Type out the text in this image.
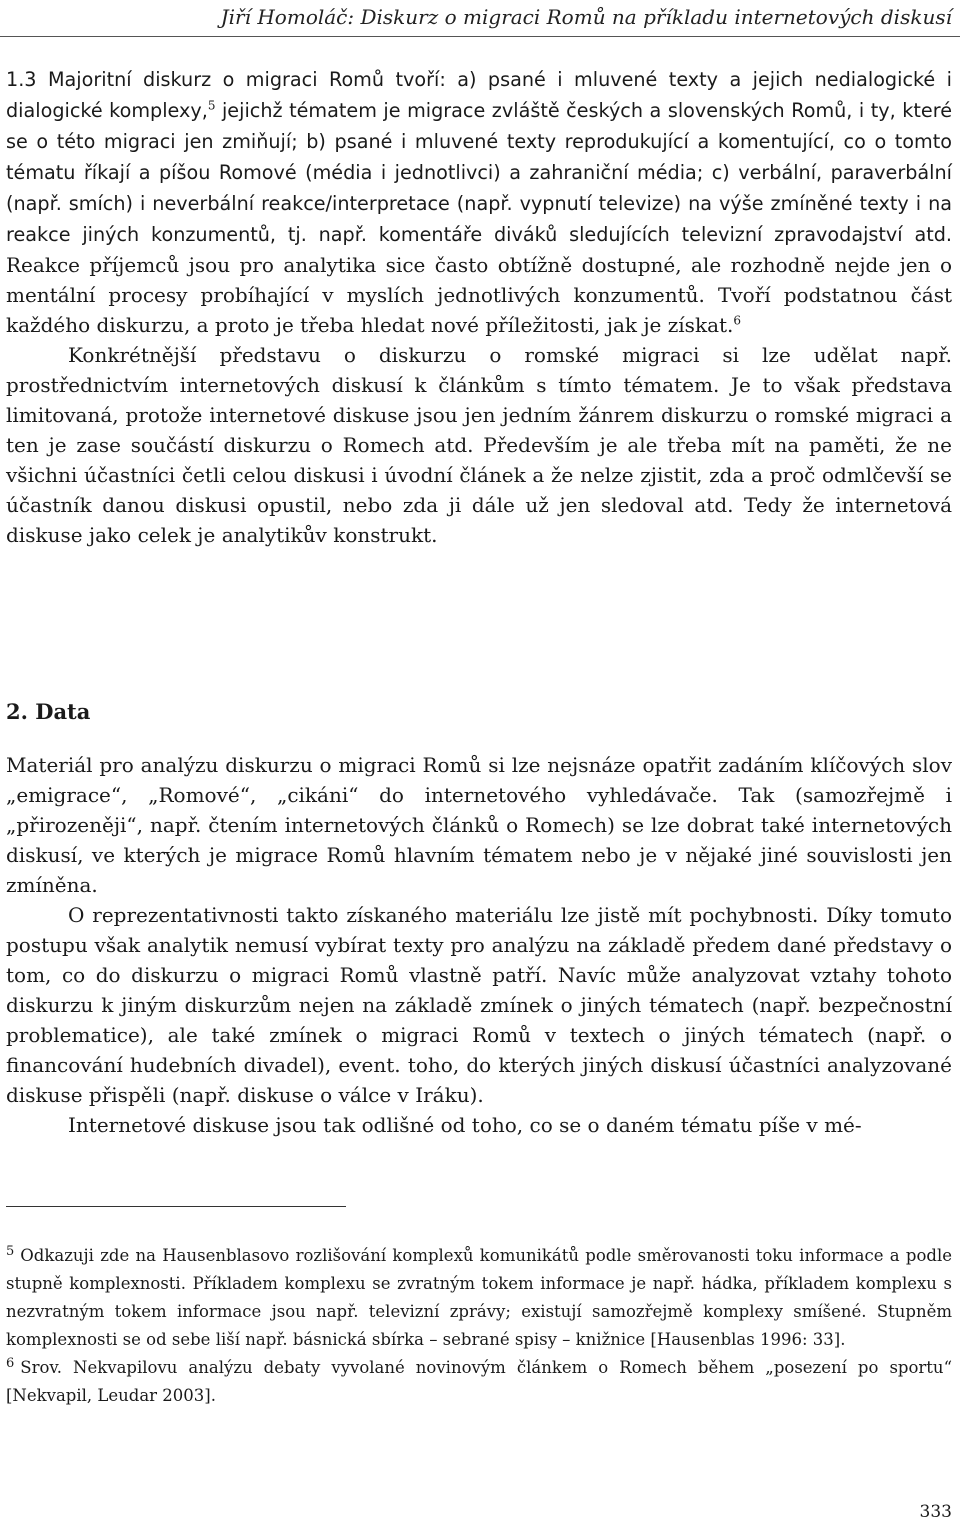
Jiří Homoláč: Diskurz o migraci Romů na příkladu internetových diskusí

1.3 Majoritní diskurz o migraci Romů tvoří: a) psané i mluvené texty a jejich nedialogické i dialogické komplexy,$^5$ jejichž tématem je migrace zvláště českých a slovenských Romů, i ty, které se o této migraci jen zmiňují; b) psané i mluvené texty reprodukující a komentující, co o tomto tématu říkají a píšou Romové (média i jednotlivci) a zahraniční média; c) verbální, paraverbální (např. smích) i neverbální reakce/interpretace (např. vypnutí televize) na výše zmíněné texty i na reakce jiných konzumentů, tj. např. komentáře diváků sledujících televizní zpravodajství atd. Reakce příjemců jsou pro analytika sice často obtížně dostupné, ale rozhodně nejde jen o mentální procesy probíhající v myslích jednotlivých konzumentů. Tvoří podstatnou část každého diskurzu, a proto je třeba hledat nové příležitosti, jak je získat.$^6$

Konkrétnější představu o diskurzu o romské migraci si lze udělat např. prostřednictvím internetových diskusí k článkům s tímto tématem. Je to však představa limitovaná, protože internetové diskuse jsou jen jedním žánrem diskurzu o romské migraci a ten je zase součástí diskurzu o Romech atd. Především je ale třeba mít na paměti, že ne všichni účastníci četli celou diskusi i úvodní článek a že nelze zjistit, zda a proč odmlčevší se účastník danou diskusi opustil, nebo zda ji dále už jen sledoval atd. Tedy že internetová diskuse jako celek je analytikův konstrukt.

2. Data

Materiál pro analýzu diskurzu o migraci Romů si lze nejsnáze opatřit zadáním klíčových slov „emigrace“, „Romové“, „cikáni“ do internetového vyhledávače. Tak (samozřejmě i „přirozeněji“, např. čtením internetových článků o Romech) se lze dobrat také internetových diskusí, ve kterých je migrace Romů hlavním tématem nebo je v nějaké jiné souvislosti jen zmíněna.

O reprezentativnosti takto získaného materiálu lze jistě mít pochybnosti. Díky tomuto postupu však analytik nemusí vybírat texty pro analýzu na základě předem dané představy o tom, co do diskurzu o migraci Romů vlastně patří. Navíc může analyzovat vztahy tohoto diskurzu k jiným diskurzům nejen na základě zmínek o jiných tématech (např. bezpečnostní problematice), ale také zmínek o migraci Romů v textech o jiných tématech (např. o financování hudebních divadel), event. toho, do kterých jiných diskusí účastníci analyzované diskuse přispěli (např. diskuse o válce v Iráku).

Internetové diskuse jsou tak odlišné od toho, co se o daném tématu píše v mé-

$^5$ Odkazuji zde na Hausenblasovo rozlišování komplexů komunikátů podle směrovanosti toku informace a podle stupně komplexnosti. Příkladem komplexu se zvratným tokem informace je např. hádka, příkladem komplexu s nezvratným tokem informace jsou např. televizní zprávy; existují samozřejmě komplexy smíšené. Stupněm komplexnosti se od sebe liší např. básnická sbírka – sebrané spisy – knižnice [Hausenblas 1996: 33].

$^6$ Srov. Nekvapilovu analýzu debaty vyvolané novinovým článkem o Romech během „posezení po sportu“ [Nekvapil, Leudar 2003].

333
